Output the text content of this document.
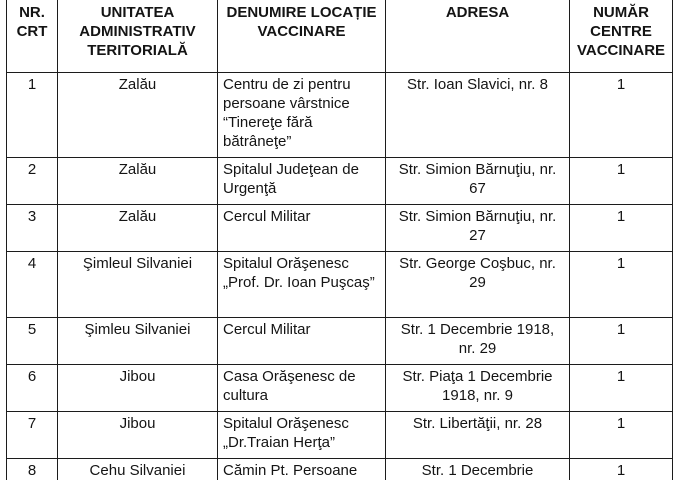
NR. CRT	UNITATEA ADMINISTRATIV TERITORIALĂ	DENUMIRE LOCAȚIE VACCINARE	ADRESA	NUMĂR CENTRE VACCINARE
1	Zalău	Centru de zi pentru persoane vârstnice “Tinereţe fără bătrâneţe”	Str. Ioan Slavici, nr. 8	1
2	Zalău	Spitalul Judeţean de Urgenţă	Str. Simion Bărnuţiu, nr. 67	1
3	Zalău	Cercul Militar	Str. Simion Bărnuţiu, nr. 27	1
4	Şimleul Silvaniei	Spitalul Orăşenesc „Prof. Dr. Ioan Puşcaş”	Str. George Coşbuc, nr. 29	1
5	Şimleu Silvaniei	Cercul Militar	Str. 1 Decembrie 1918, nr. 29	1
6	Jibou	Casa Orăşenesc de cultura	Str. Piaţa 1 Decembrie 1918, nr. 9	1
7	Jibou	Spitalul Orăşenesc „Dr.Traian Herţa”	Str. Libertăţii, nr. 28	1
8	Cehu Silvaniei	Cămin Pt. Persoane	Str. 1 Decembrie	1
